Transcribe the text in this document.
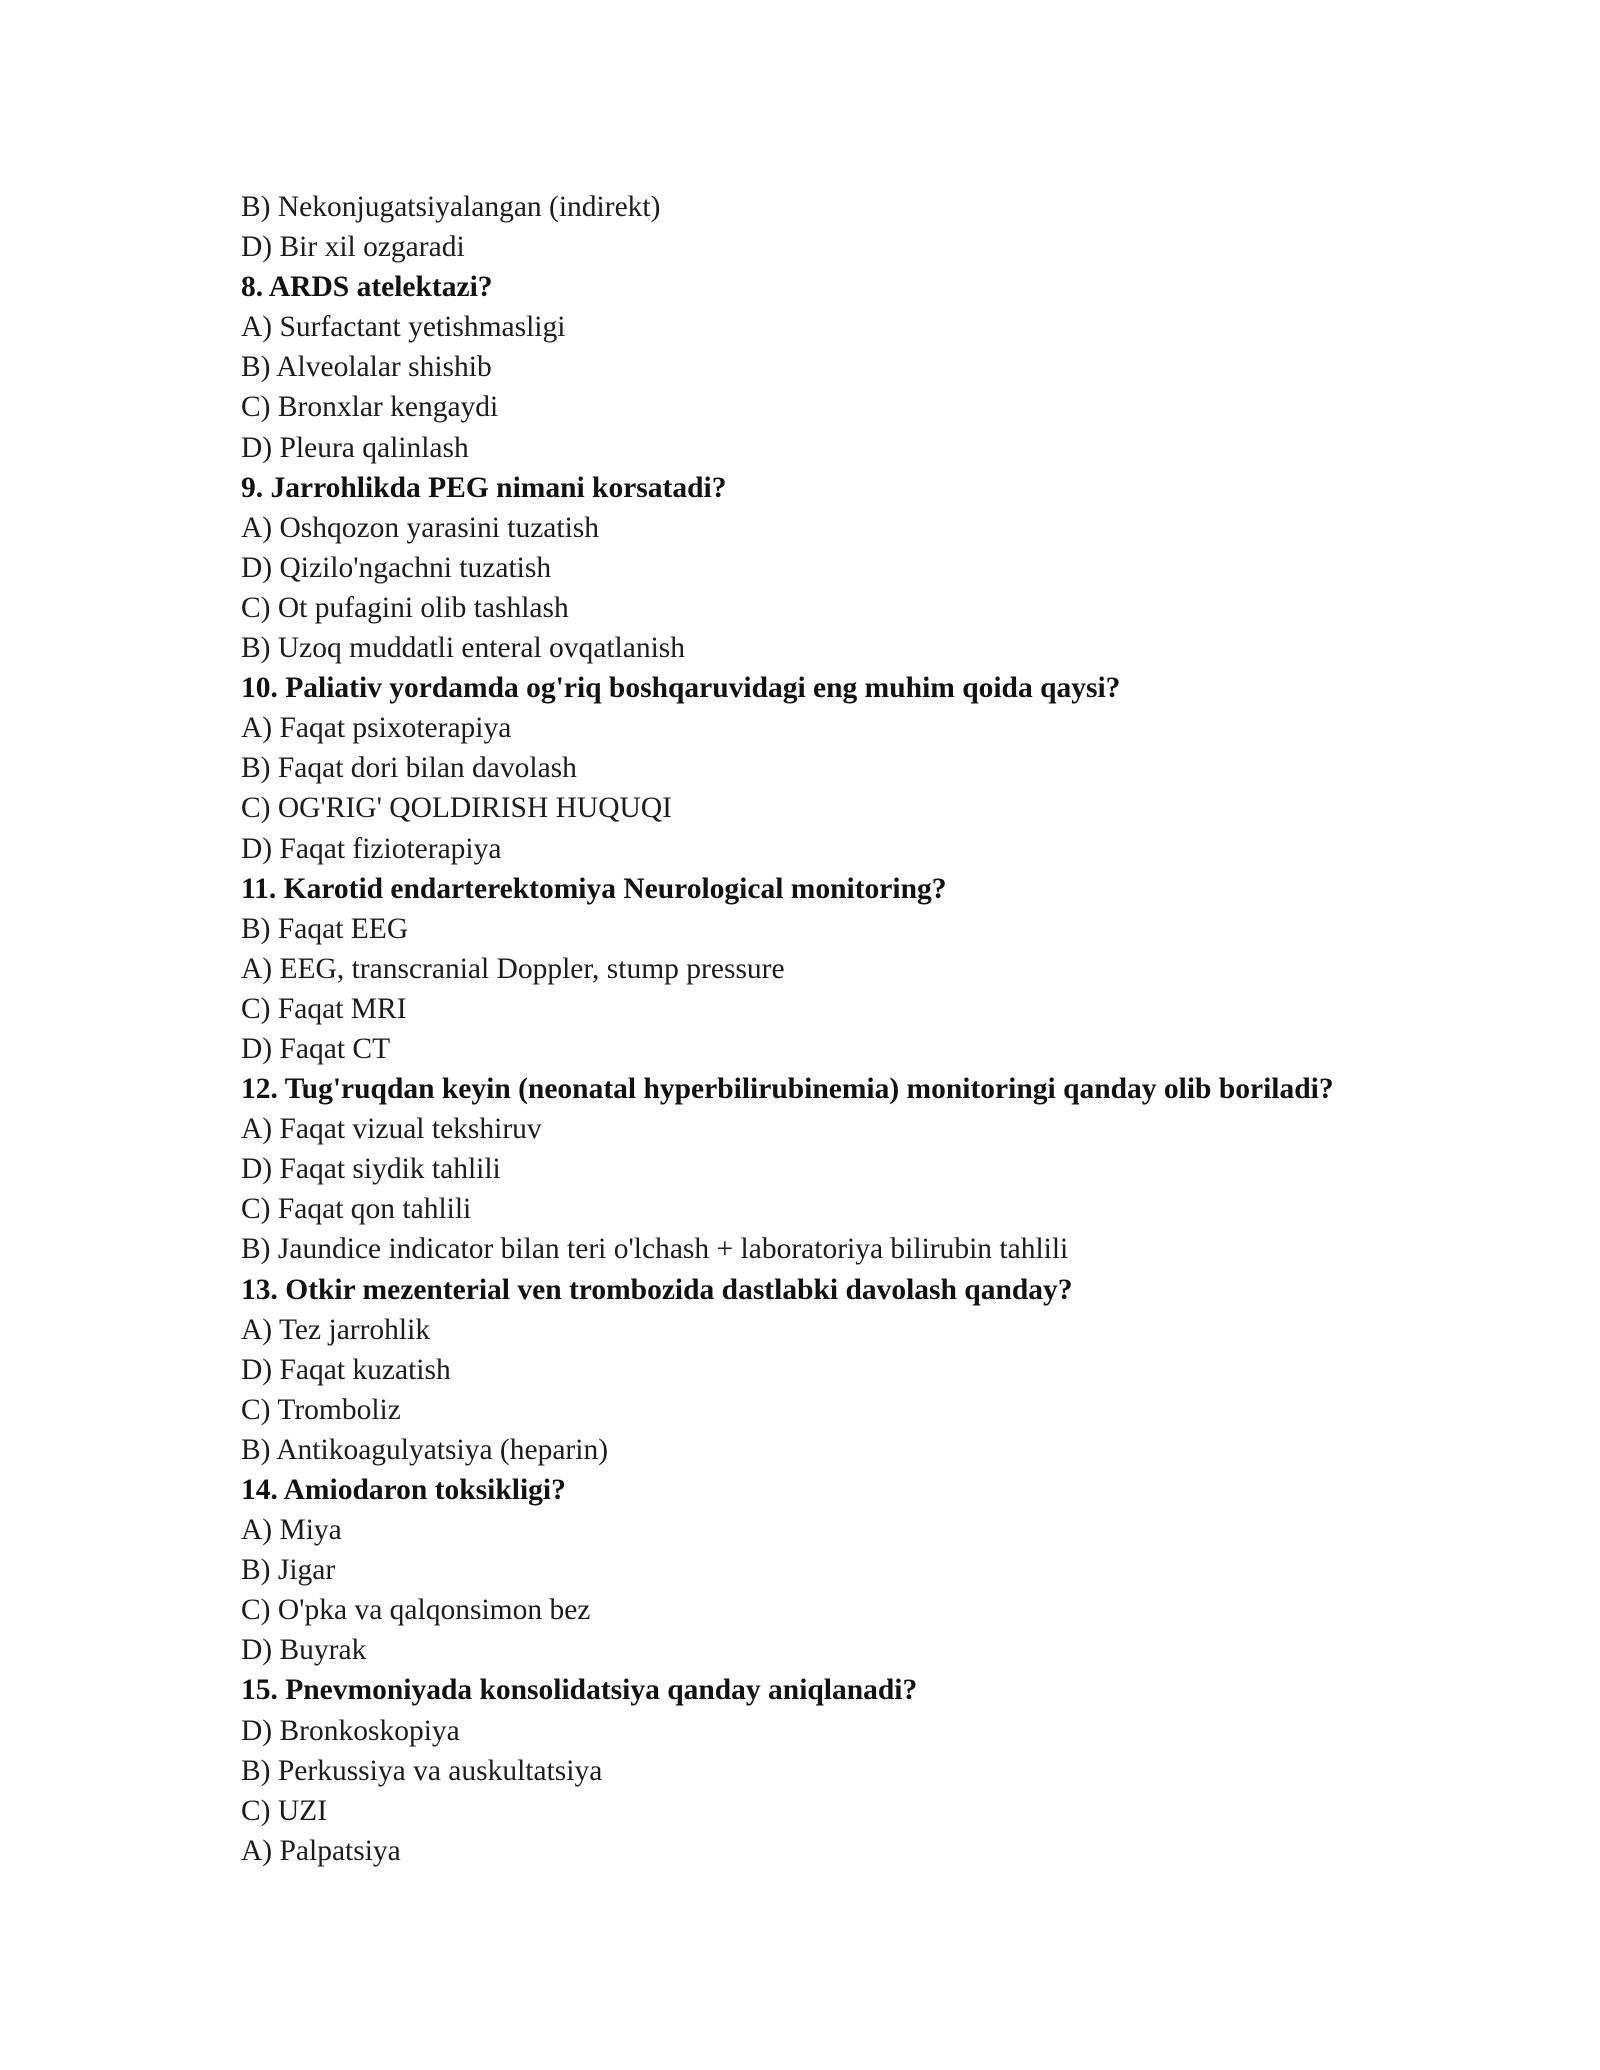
B) Nekonjugatsiyalangan (indirekt)
D) Bir xil ozgaradi
8. ARDS atelektazi?
A) Surfactant yetishmasligi
B) Alveolalar shishib
C) Bronxlar kengaydi
D) Pleura qalinlash
9. Jarrohlikda PEG nimani korsatadi?
A) Oshqozon yarasini tuzatish
D) Qizilo'ngachni tuzatish
C) Ot pufagini olib tashlash
B) Uzoq muddatli enteral ovqatlanish
10. Paliativ yordamda og'riq boshqaruvidagi eng muhim qoida qaysi?
A) Faqat psixoterapiya
B) Faqat dori bilan davolash
C) OG'RIG' QOLDIRISH HUQUQI
D) Faqat fizioterapiya
11. Karotid endarterektomiya Neurological monitoring?
B) Faqat EEG
A) EEG, transcranial Doppler, stump pressure
C) Faqat MRI
D) Faqat CT
12. Tug'ruqdan keyin (neonatal hyperbilirubinemia) monitoringi qanday olib boriladi?
A) Faqat vizual tekshiruv
D) Faqat siydik tahlili
C) Faqat qon tahlili
B) Jaundice indicator bilan teri o'lchash + laboratoriya bilirubin tahlili
13. Otkir mezenterial ven trombozida dastlabki davolash qanday?
A) Tez jarrohlik
D) Faqat kuzatish
C) Tromboliz
B) Antikoagulyatsiya (heparin)
14. Amiodaron toksikligi?
A) Miya
B) Jigar
C) O'pka va qalqonsimon bez
D) Buyrak
15. Pnevmoniyada konsolidatsiya qanday aniqlanadi?
D) Bronkoskopiya
B) Perkussiya va auskultatsiya
C) UZI
A) Palpatsiya
